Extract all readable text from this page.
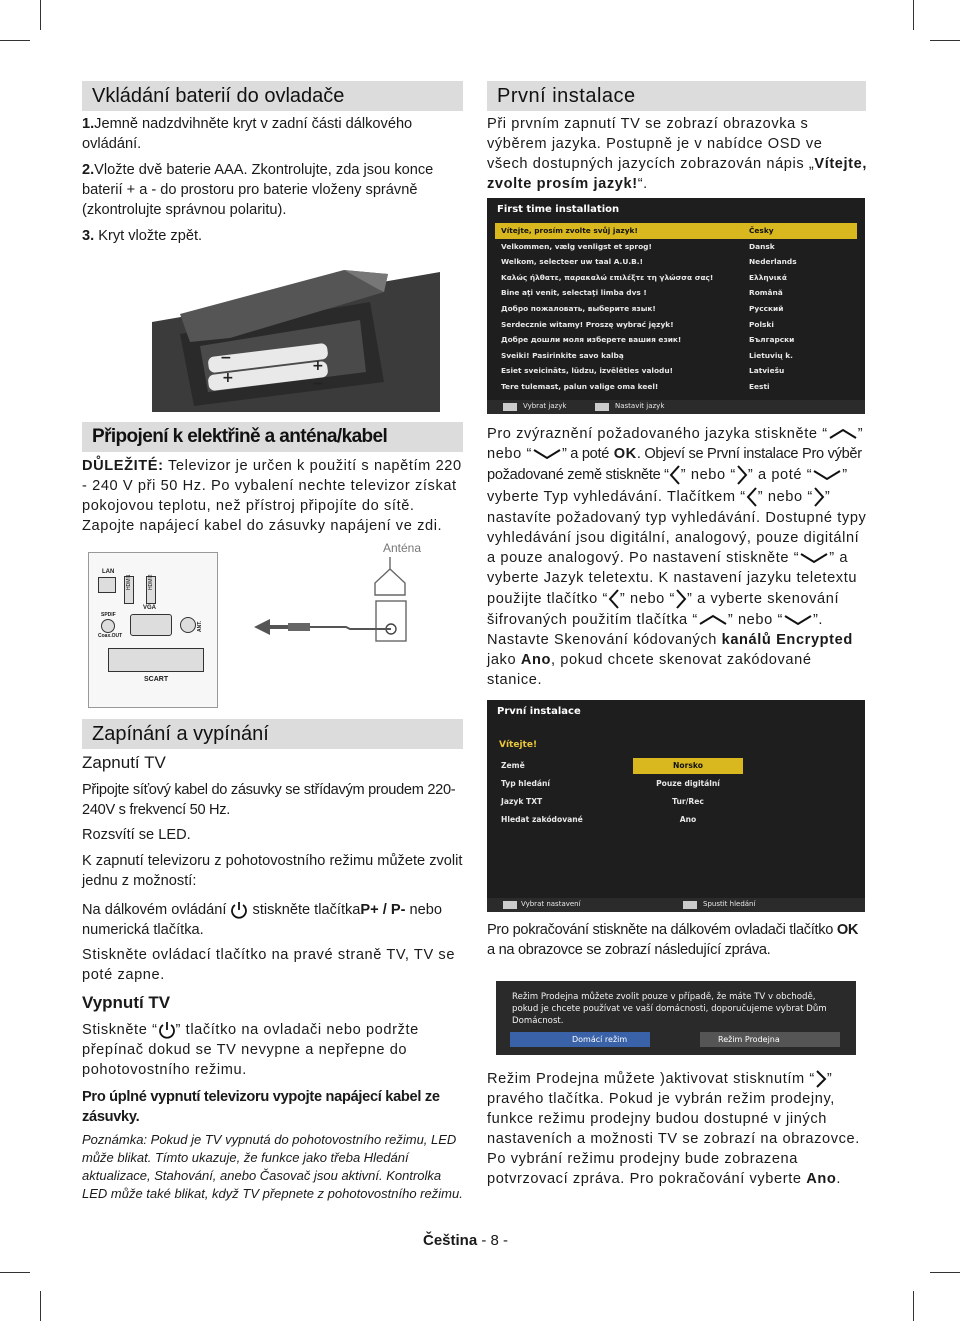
Vkládání baterií do ovladače
1.Jemně nadzdvihněte kryt v zadní části dálkového ovládání.
2.Vložte dvě baterie AAA. Zkontrolujte, zda jsou konce baterií + a - do prostoru pro baterie vloženy správně (zkontrolujte správnou polaritu).
3. Kryt vložte zpět.
+
+
−
−
Připojení k elektřině a anténa/kabel
DŮLEŽITÉ: Televizor je určen k použití s napětím 220 - 240 V při 50 Hz. Po vybalení nechte televizor získat pokojovou teplotu, než přístroj připojíte do sítě. Zapojte napájecí kabel do zásuvky napájení ve zdi.
LAN
HDMI1	HDMI2
VGA
SPDIF
Coax.OUT
ANT.
SCART
Anténa
Zapínání a vypínání
Zapnutí TV
Připojte síťový kabel do zásuvky se střídavým proudem 220-240V s frekvencí 50 Hz.
Rozsvítí se LED.
K zapnutí televizoru z pohotovostního režimu můžete zvolit jednu z možností:
Na dálkovém ovládání stiskněte tlačítkaP+ / P- nebo numerická tlačítka.
Stiskněte ovládací tlačítko na pravé straně TV, TV se poté zapne.
Vypnutí TV
Stiskněte “ ” tlačítko na ovladači nebo podržte přepínač dokud se TV nevypne a nepřepne do pohotovostního režimu.
Pro úplné vypnutí televizoru vypojte napájecí kabel ze zásuvky.
Poznámka: Pokud je TV vypnutá do pohotovostního režimu, LED může blikat. Tímto ukazuje, že funkce jako třeba Hledání aktualizace, Stahování, anebo Časovač jsou aktivní. Kontrolka LED může také blikat, když TV přepnete z pohotovostního režimu.
První instalace
Při prvním zapnutí TV se zobrazí obrazovka s výběrem jazyka. Postupně je v nabídce OSD ve všech dostupných jazycích zobrazován nápis „Vítejte, zvolte prosím jazyk!“.
First time installation
Vítejte, prosím zvolte svůj jazyk!	Česky
Velkommen, vælg venligst et sprog!	Dansk
Welkom, selecteer uw taal A.U.B.!	Nederlands
Καλώς ήλθατε, παρακαλώ επιλέξτε τη γλώσσα σας!	Ελληνικά
Bine aţi venit, selectaţi limba dvs !	Română
Добро пожаловать, выберите язык!	Русский
Serdecznie witamy! Proszę wybrać język!	Polski
Добре дошли моля изберете вашия език!	Български
Sveiki! Pasirinkite savo kalbą	Lietuvių k.
Esiet sveicināts, lūdzu, izvēlēties valodu!	Latviešu
Tere tulemast, palun valige oma keel!	Eesti
Vybrat jazyk	Nastavit jazyk
Pro zvýraznění požadovaného jazyka stiskněte “ ” nebo “ ” a poté OK. Objeví se První instalace Pro výběr požadované země stiskněte “ ” nebo “ ” a poté “ ” vyberte Typ vyhledávání. Tlačítkem “ ” nebo “ ” nastavíte požadovaný typ vyhledávání. Dostupné typy vyhledávání jsou digitální, analogový, pouze digitální a pouze analogový. Po nastavení stiskněte “ ” a vyberte Jazyk teletextu. K nastavení jazyku teletextu použijte tlačítko “ ” nebo “ ” a vyberte skenování šifrovaných použitím tlačítka “ ” nebo “ ”. Nastavte Skenování kódovaných kanálů Encrypted jako Ano, pokud chcete skenovat zakódované stanice.
První instalace
Vítejte!
Země	Norsko
Typ hledání	Pouze digitální
Jazyk TXT	Tur/Rec
Hledat zakódované	Ano
Vybrat nastavení	Spustit hledání
Pro pokračování stiskněte na dálkovém ovladači tlačítko OK a na obrazovce se zobrazí následující zpráva.
Režim Prodejna můžete zvolit pouze v případě, že máte TV v obchodě, pokud je chcete používat ve vaší domácnosti, doporučujeme vybrat Dům Domácnost.
Domácí režim	Režim Prodejna
Režim Prodejna můžete )aktivovat stisknutím “ ” pravého tlačítka. Pokud je vybrán režim prodejny, funkce režimu prodejny budou dostupné v jiných nastaveních a možnosti TV se zobrazí na obrazovce. Po vybrání režimu prodejny bude zobrazena potvrzovací zpráva. Pro pokračování vyberte Ano.
Čeština - 8 -
